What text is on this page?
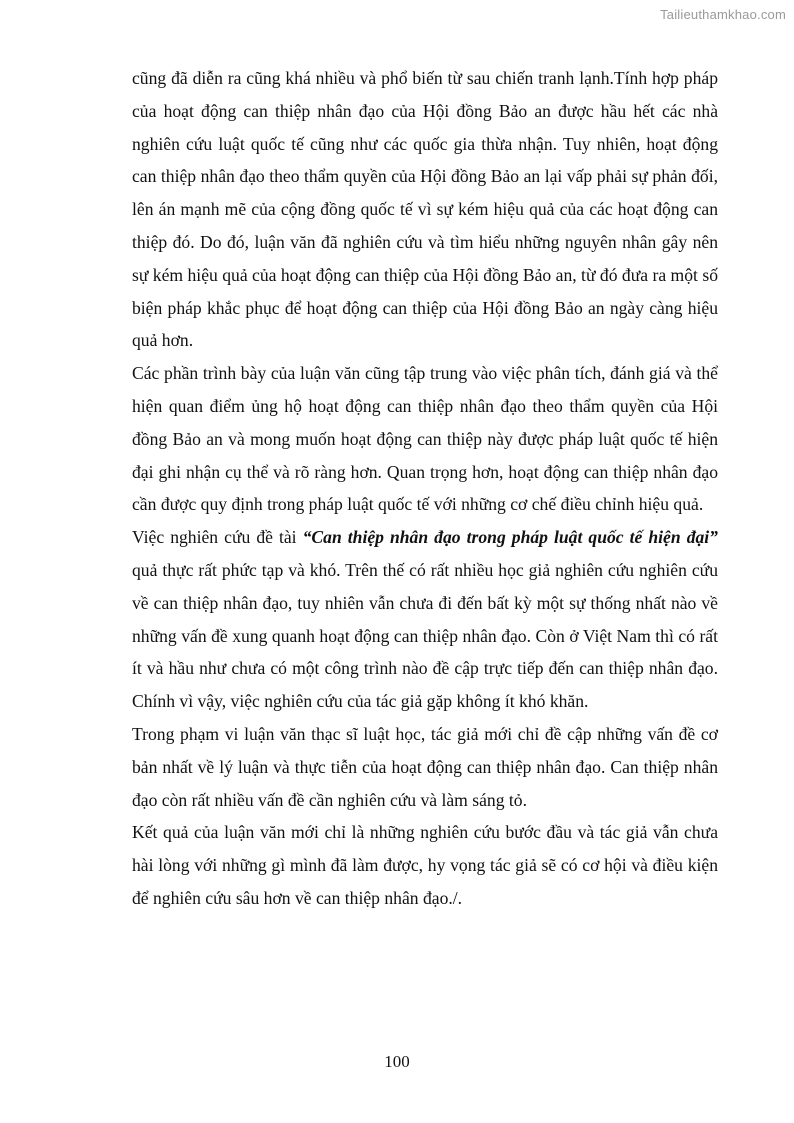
Tailieuthamkhao.com

cũng đã diễn ra cũng khá nhiều và phổ biến từ sau chiến tranh lạnh.Tính hợp pháp của hoạt động can thiệp nhân đạo của Hội đồng Bảo an được hầu hết các nhà nghiên cứu luật quốc tế cũng như các quốc gia thừa nhận. Tuy nhiên, hoạt động can thiệp nhân đạo theo thẩm quyền của Hội đồng Bảo an lại vấp phải sự phản đối, lên án mạnh mẽ của cộng đồng quốc tế vì sự kém hiệu quả của các hoạt động can thiệp đó. Do đó, luận văn đã nghiên cứu và tìm hiểu những nguyên nhân gây nên sự kém hiệu quả của hoạt động can thiệp của Hội đồng Bảo an, từ đó đưa ra một số biện pháp khắc phục để hoạt động can thiệp của Hội đồng Bảo an ngày càng hiệu quả hơn.

Các phần trình bày của luận văn cũng tập trung vào việc phân tích, đánh giá và thể hiện quan điểm ủng hộ hoạt động can thiệp nhân đạo theo thẩm quyền của Hội đồng Bảo an và mong muốn hoạt động can thiệp này được pháp luật quốc tế hiện đại ghi nhận cụ thể và rõ ràng hơn. Quan trọng hơn, hoạt động can thiệp nhân đạo cần được quy định trong pháp luật quốc tế với những cơ chế điều chỉnh hiệu quả.

Việc nghiên cứu đề tài “Can thiệp nhân đạo trong pháp luật quốc tế hiện đại” quả thực rất phức tạp và khó. Trên thế có rất nhiều học giả nghiên cứu nghiên cứu về can thiệp nhân đạo, tuy nhiên vẫn chưa đi đến bất kỳ một sự thống nhất nào về những vấn đề xung quanh hoạt động can thiệp nhân đạo. Còn ở Việt Nam thì có rất ít và hầu như chưa có một công trình nào đề cập trực tiếp đến can thiệp nhân đạo. Chính vì vậy, việc nghiên cứu của tác giả gặp không ít khó khăn.

Trong phạm vi luận văn thạc sĩ luật học, tác giả mới chỉ đề cập những vấn đề cơ bản nhất về lý luận và thực tiễn của hoạt động can thiệp nhân đạo. Can thiệp nhân đạo còn rất nhiều vấn đề cần nghiên cứu và làm sáng tỏ.

Kết quả của luận văn mới chỉ là những nghiên cứu bước đầu và tác giả vẫn chưa hài lòng với những gì mình đã làm được, hy vọng tác giả sẽ có cơ hội và điều kiện để nghiên cứu sâu hơn về can thiệp nhân đạo./.

100
